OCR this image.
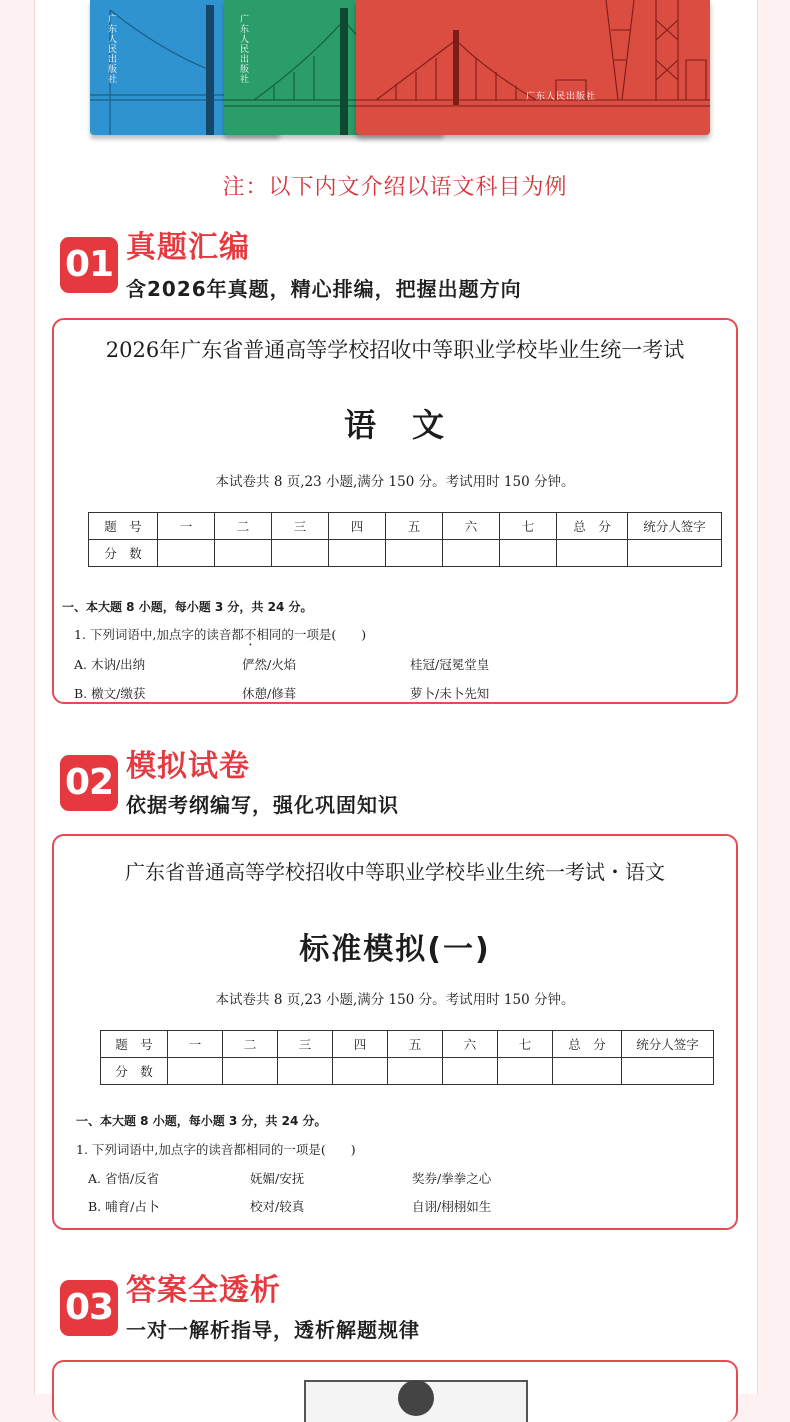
广东人民出版社	广东人民出版社
广东人民出版社
注：以下内文介绍以语文科目为例
01 真题汇编
含2026年真题，精心排编，把握出题方向
2026年广东省普通高等学校招收中等职业学校毕业生统一考试
语　文
本试卷共 8 页,23 小题,满分 150 分。考试用时 150 分钟。
题　号	一	二	三	四	五	六	七	总　分	统分人签字
分　数									
一、本大题 8 小题，每小题 3 分，共 24 分。
1. 下列词语中,加点字的读音都不相同的一项是(　　)
A. 木讷/出纳	俨然/火焰	桂冠/冠冕堂皇
B. 檄文/缴获	休憩/修葺	萝卜/未卜先知
02 模拟试卷
依据考纲编写，强化巩固知识
广东省普通高等学校招收中等职业学校毕业生统一考试・语文
标准模拟(一)
本试卷共 8 页,23 小题,满分 150 分。考试用时 150 分钟。
题　号	一	二	三	四	五	六	七	总　分	统分人签字
分　数									
一、本大题 8 小题，每小题 3 分，共 24 分。
1. 下列词语中,加点字的读音都相同的一项是(　　)
A. 省悟/反省	妩媚/安抚	奖券/拳拳之心
B. 哺育/占卜	校对/较真	自诩/栩栩如生
03 答案全透析
一对一解析指导，透析解题规律
